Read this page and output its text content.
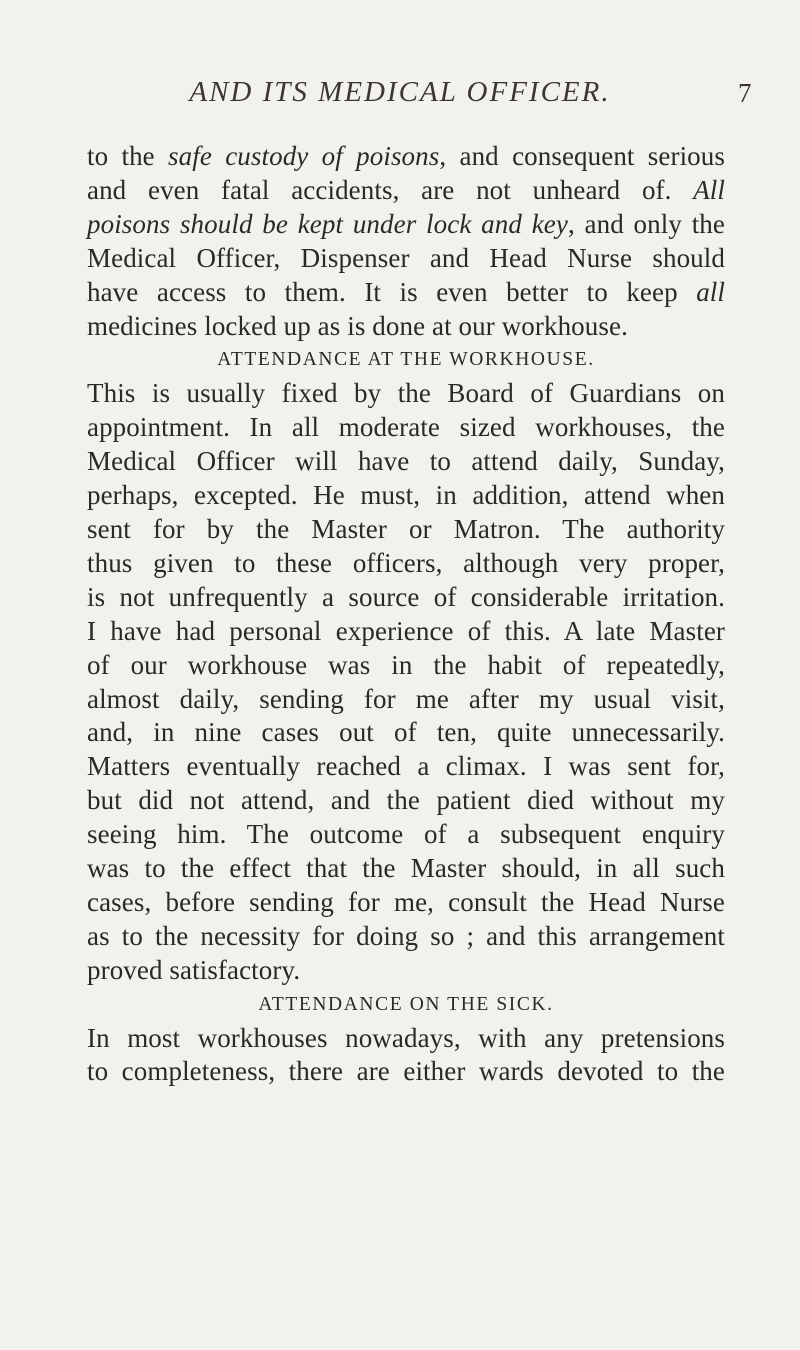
AND ITS MEDICAL OFFICER.	7
to the safe custody of poisons, and consequent serious
and even fatal accidents, are not unheard of. All
poisons should be kept under lock and key, and only the
Medical Officer, Dispenser and Head Nurse should
have access to them. It is even better to keep all
medicines locked up as is done at our workhouse.
ATTENDANCE AT THE WORKHOUSE.
This is usually fixed by the Board of Guardians on
appointment. In all moderate sized workhouses, the
Medical Officer will have to attend daily, Sunday,
perhaps, excepted. He must, in addition, attend when
sent for by the Master or Matron. The authority
thus given to these officers, although very proper,
is not unfrequently a source of considerable irritation.
I have had personal experience of this. A late Master
of our workhouse was in the habit of repeatedly,
almost daily, sending for me after my usual visit,
and, in nine cases out of ten, quite unnecessarily.
Matters eventually reached a climax. I was sent for,
but did not attend, and the patient died without my
seeing him. The outcome of a subsequent enquiry
was to the effect that the Master should, in all such
cases, before sending for me, consult the Head Nurse
as to the necessity for doing so ; and this arrangement
proved satisfactory.
ATTENDANCE ON THE SICK.
In most workhouses nowadays, with any pretensions
to completeness, there are either wards devoted to the
